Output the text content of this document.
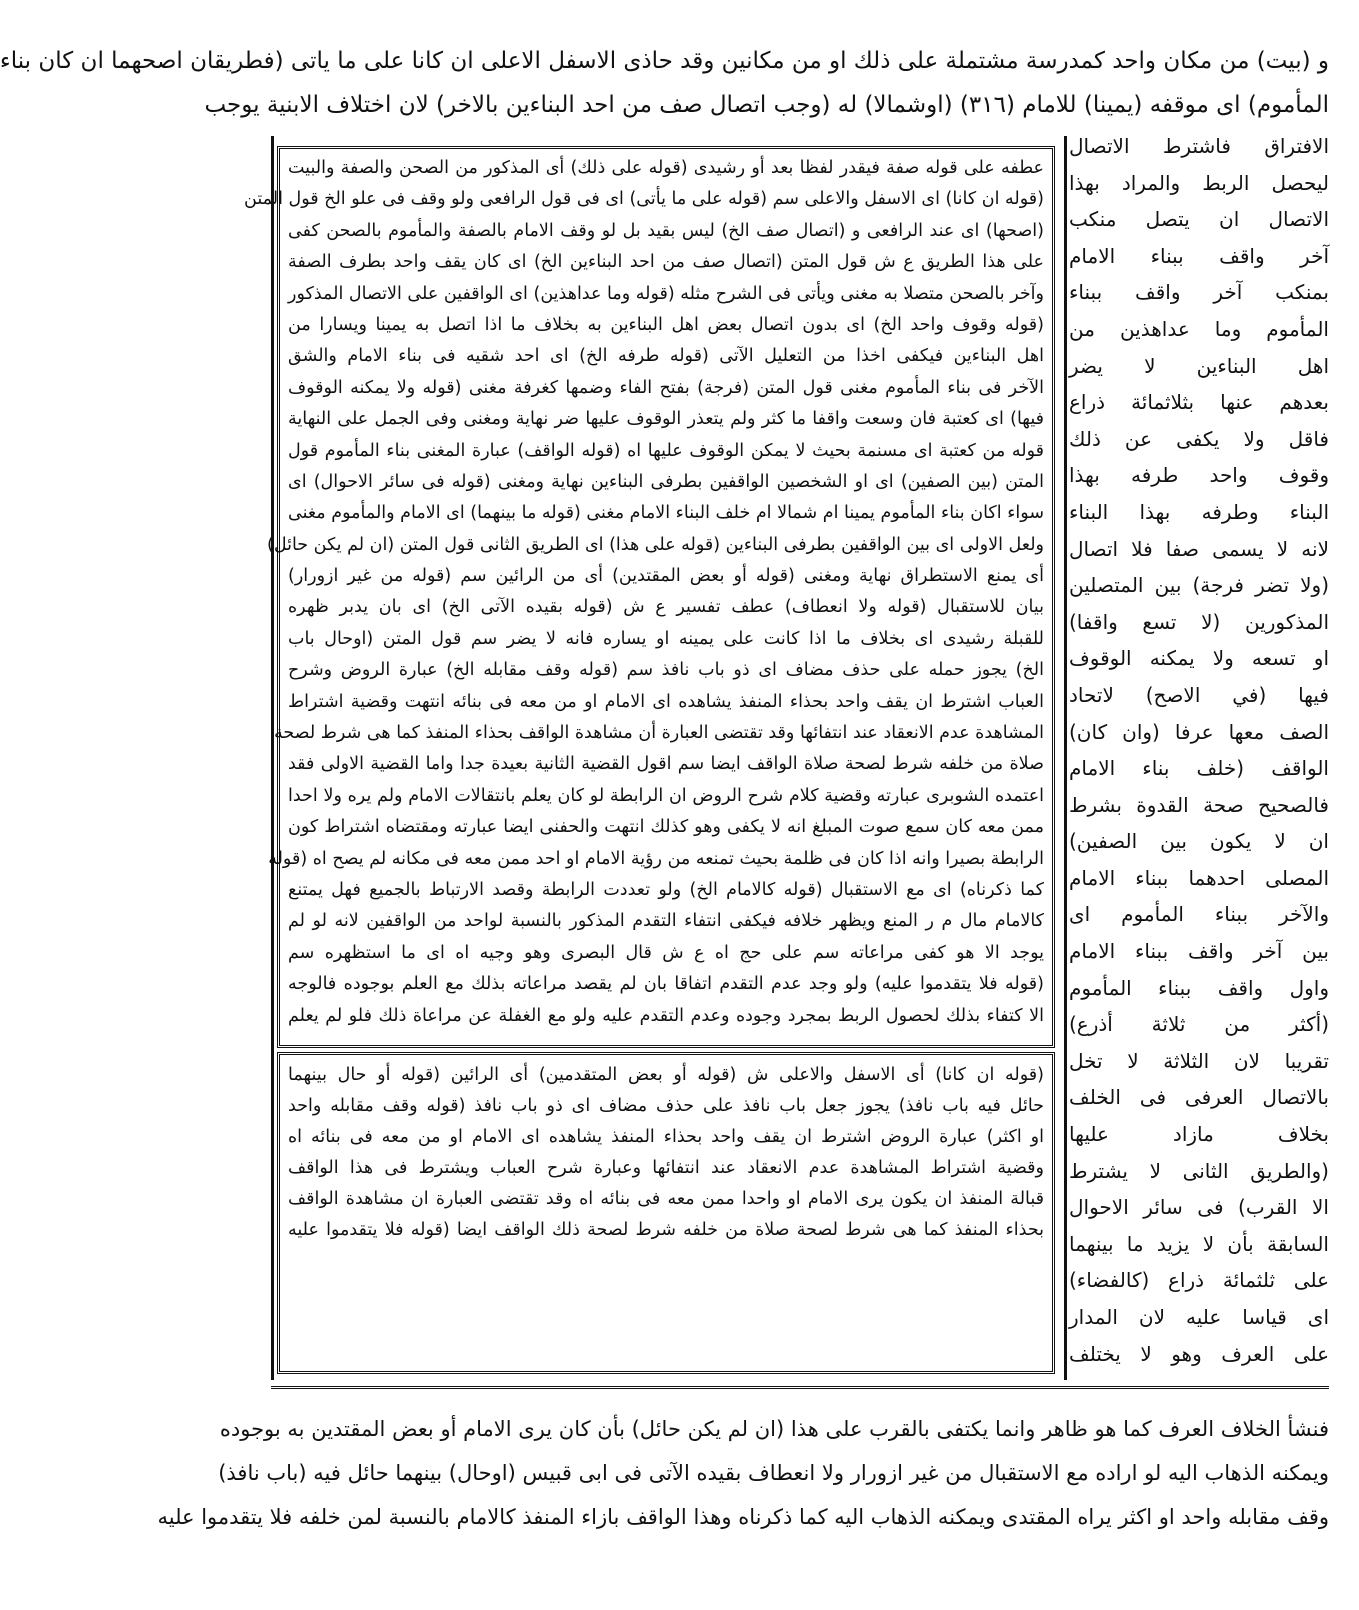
و (بيت) من مكان واحد كمدرسة مشتملة على ذلك او من مكانين وقد حاذى الاسفل الاعلى ان كانا على ما ياتى (فطريقان اصحهما ان كان بناء
المأموم) اى موقفه (يمينا) للامام (٣١٦) (اوشمالا) له (وجب اتصال صف من احد البناءين بالاخر) لان اختلاف الابنية يوجب

الافتراق فاشترط الاتصال

ليحصل الربط والمراد بهذا

الاتصال ان يتصل منكب

آخر واقف ببناء الامام

بمنكب آخر واقف ببناء

المأموم وما عداهذين من

اهل البناءين لا يضر

بعدهم عنها بثلاثمائة ذراع

فاقل ولا يكفى عن ذلك

وقوف واحد طرفه بهذا

البناء وطرفه بهذا البناء

لانه لا يسمى صفا فلا اتصال

(ولا تضر فرجة) بين المتصلين

المذكورين (لا تسع واقفا)

او تسعه ولا يمكنه الوقوف

فيها (في الاصح) لاتحاد

الصف معها عرفا (وان كان)

الواقف (خلف بناء الامام

فالصحيح صحة القدوة بشرط

ان لا يكون بين الصفين)

المصلى احدهما ببناء الامام

والآخر ببناء المأموم اى

بين آخر واقف ببناء الامام

واول واقف ببناء المأموم

(أكثر من ثلاثة أذرع)

تقريبا لان الثلاثة لا تخل

بالاتصال العرفى فى الخلف

بخلاف مازاد عليها

(والطريق الثانى لا يشترط

الا القرب) فى سائر الاحوال

السابقة بأن لا يزيد ما بينهما

على ثلثمائة ذراع (كالفضاء)

اى قياسا عليه لان المدار

على العرف وهو لا يختلف

عطفه على قوله صفة فيقدر لفظا بعد أو رشيدى (قوله على ذلك) أى المذكور من الصحن والصفة والبيت

(قوله ان كانا) اى الاسفل والاعلى سم (قوله على ما يأتى) اى فى قول الرافعى ولو وقف فى علو الخ قول المتن

(اصحها) اى عند الرافعى و (اتصال صف الخ) ليس بقيد بل لو وقف الامام بالصفة والمأموم بالصحن كفى

على هذا الطريق ع ش قول المتن (اتصال صف من احد البناءين الخ) اى كان يقف واحد بطرف الصفة

وآخر بالصحن متصلا به مغنى ويأتى فى الشرح مثله (قوله وما عداهذين) اى الواقفين على الاتصال المذكور

(قوله وقوف واحد الخ) اى بدون اتصال بعض اهل البناءين به بخلاف ما اذا اتصل به يمينا ويسارا من

اهل البناءين فيكفى اخذا من التعليل الآتى (قوله طرفه الخ) اى احد شقيه فى بناء الامام والشق

الآخر فى بناء المأموم مغنى قول المتن (فرجة) بفتح الفاء وضمها كغرفة مغنى (قوله ولا يمكنه الوقوف

فيها) اى كعتبة فان وسعت واقفا ما كثر ولم يتعذر الوقوف عليها ضر نهاية ومغنى وفى الجمل على النهاية

قوله من كعتبة اى مسنمة بحيث لا يمكن الوقوف عليها اه (قوله الواقف) عبارة المغنى بناء المأموم قول

المتن (بين الصفين) اى او الشخصين الواقفين بطرفى البناءين نهاية ومغنى (قوله فى سائر الاحوال) اى

سواء اكان بناء المأموم يمينا ام شمالا ام خلف البناء الامام مغنى (قوله ما بينهما) اى الامام والمأموم مغنى

ولعل الاولى اى بين الواقفين بطرفى البناءين (قوله على هذا) اى الطريق الثانى قول المتن (ان لم يكن حائل)

أى يمنع الاستطراق نهاية ومغنى (قوله أو بعض المقتدين) أى من الرائين سم (قوله من غير ازورار)

بيان للاستقبال (قوله ولا انعطاف) عطف تفسير ع ش (قوله بقيده الآتى الخ) اى بان يدبر ظهره

للقبلة رشيدى اى بخلاف ما اذا كانت على يمينه او يساره فانه لا يضر سم قول المتن (اوحال باب

الخ) يجوز حمله على حذف مضاف اى ذو باب نافذ سم (قوله وقف مقابله الخ) عبارة الروض وشرح

العباب اشترط ان يقف واحد بحذاء المنفذ يشاهده اى الامام او من معه فى بنائه انتهت وقضية اشتراط

المشاهدة عدم الانعقاد عند انتفائها وقد تقتضى العبارة أن مشاهدة الواقف بحذاء المنفذ كما هى شرط لصحة

صلاة من خلفه شرط لصحة صلاة الواقف ايضا سم اقول القضية الثانية بعيدة جدا واما القضية الاولى فقد

اعتمده الشوبرى عبارته وقضية كلام شرح الروض ان الرابطة لو كان يعلم بانتقالات الامام ولم يره ولا احدا

ممن معه كان سمع صوت المبلغ انه لا يكفى وهو كذلك انتهت والحفنى ايضا عبارته ومقتضاه اشتراط كون

الرابطة بصيرا وانه اذا كان فى ظلمة بحيث تمنعه من رؤية الامام او احد ممن معه فى مكانه لم يصح اه (قوله

كما ذكرناه) اى مع الاستقبال (قوله كالامام الخ) ولو تعددت الرابطة وقصد الارتباط بالجميع فهل يمتنع

كالامام مال م ر المنع ويظهر خلافه فيكفى انتفاء التقدم المذكور بالنسبة لواحد من الواقفين لانه لو لم

يوجد الا هو كفى مراعاته سم على حج اه ع ش قال البصرى وهو وجيه اه اى ما استظهره سم

(قوله فلا يتقدموا عليه) ولو وجد عدم التقدم اتفاقا بان لم يقصد مراعاته بذلك مع العلم بوجوده فالوجه

الا كتفاء بذلك لحصول الربط بمجرد وجوده وعدم التقدم عليه ولو مع الغفلة عن مراعاة ذلك فلو لم يعلم

(قوله ان كانا) أى الاسفل والاعلى ش (قوله أو بعض المتقدمين) أى الرائين (قوله أو حال بينهما

حائل فيه باب نافذ) يجوز جعل باب نافذ على حذف مضاف اى ذو باب نافذ (قوله وقف مقابله واحد

او اكثر) عبارة الروض اشترط ان يقف واحد بحذاء المنفذ يشاهده اى الامام او من معه فى بنائه اه

وقضية اشتراط المشاهدة عدم الانعقاد عند انتفائها وعبارة شرح العباب ويشترط فى هذا الواقف

قبالة المنفذ ان يكون يرى الامام او واحدا ممن معه فى بنائه اه وقد تقتضى العبارة ان مشاهدة الواقف

بحذاء المنفذ كما هى شرط لصحة صلاة من خلفه شرط لصحة ذلك الواقف ايضا (قوله فلا يتقدموا عليه

فنشأ الخلاف العرف كما هو ظاهر وانما يكتفى بالقرب على هذا (ان لم يكن حائل) بأن كان يرى الامام أو بعض المقتدين به بوجوده
ويمكنه الذهاب اليه لو اراده مع الاستقبال من غير ازورار ولا انعطاف بقيده الآتى فى ابى قبيس (اوحال) بينهما حائل فيه (باب نافذ)
وقف مقابله واحد او اكثر يراه المقتدى ويمكنه الذهاب اليه كما ذكرناه وهذا الواقف بازاء المنفذ كالامام بالنسبة لمن خلفه فلا يتقدموا عليه
